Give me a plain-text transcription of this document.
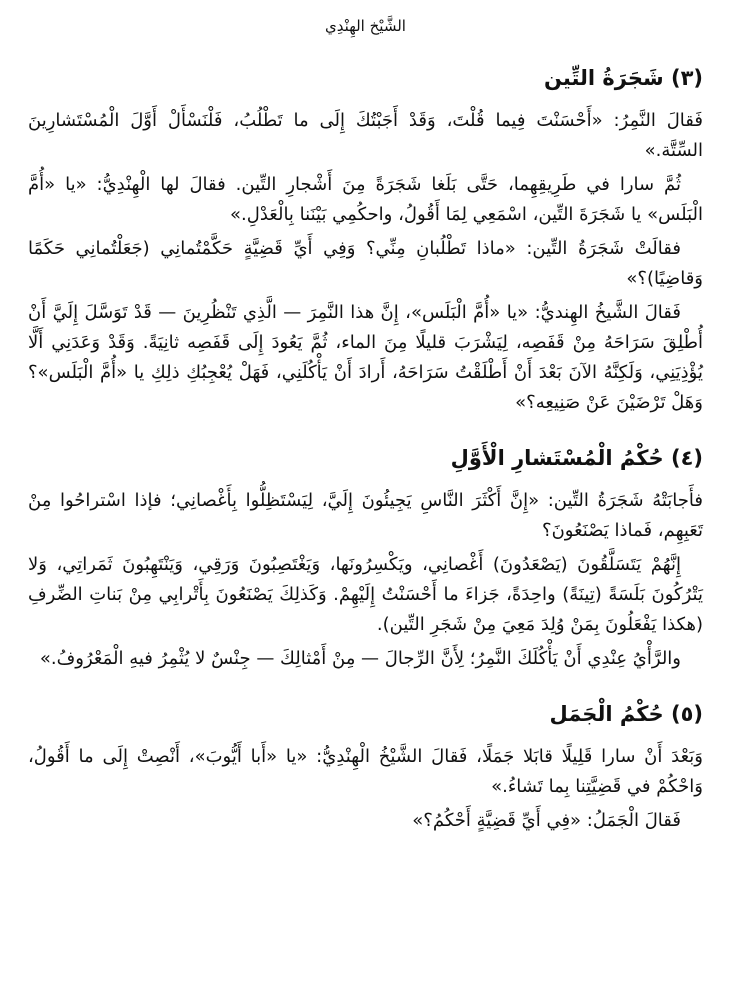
الشَّيْخ الهِنْدِي
(٣) شَجَرَةُ التِّين

فَقالَ النَّمِرُ: «أَحْسَنْتَ فِيما قُلْتَ، وَقَدْ أَجَبْتُكَ إِلَى ما تَطْلُبُ، فَلْنَسْأَلْ أَوَّلَ الْمُسْتَشارِينَ السِّتَّة.»

ثُمَّ سارا في طَرِيقِهِما، حَتَّى بَلَغا شَجَرَةً مِنَ أَشْجارِ التِّين. فقالَ لها الْهِنْدِيُّ: «يا «أُمَّ الْبَلَس» يا شَجَرَةَ التِّين، اسْمَعِي لِمَا أَقُولُ، واحكُمِي بَيْنَنا بِالْعَدْلِ.»

فقالَتْ شَجَرَةُ التِّين: «ماذا تَطْلُبانِ مِنِّي؟ وَفِي أَيِّ قَضِيَّةٍ حَكَّمْتُمانِي (جَعَلْتُمانِي حَكَمًا وَقاضِيًا)؟»

فَقالَ الشَّيخُ الهِنديُّ: «يا «أُمَّ الْبَلَس»، إِنَّ هذا النَّمِرَ — الَّذِي تَنْظُرِينَ — قَدْ تَوَسَّلَ إِلَيَّ أَنْ أُطْلِقَ سَرَاحَهُ مِنْ قَفَصِه، لِيَشْرَبَ قليلًا مِنَ الماء، ثُمَّ يَعُودَ إِلَى قَفَصِه ثانِيَةً. وَقَدْ وَعَدَنِي أَلَّا يُؤْذِيَنِي، وَلَكِنَّهُ الآنَ بَعْدَ أَنْ أَطْلَقْتُ سَرَاحَهُ، أَرادَ أَنْ يَأْكُلَنِي، فَهَلْ يُعْجِبُكِ ذلِكِ يا «أُمَّ الْبَلَس»؟ وَهَلْ تَرْضَيْنَ عَنْ صَنِيعِه؟»

(٤) حُكْمُ الْمُسْتَشارِ الْأَوَّلِ

فأَجابَتْهُ شَجَرَةُ التِّين: «إِنَّ أَكْثَرَ النَّاسِ يَجِيئُونَ إِلَيَّ، لِيَسْتَظِلُّوا بِأَغْصانِي؛ فإذا اسْتراحُوا مِنْ تَعَبِهِم، فَماذا يَصْنَعُونَ؟

إِنَّهُمْ يَتَسَلَّقُونَ (يَصْعَدُونَ) أَغْصانِي، ويَكْسِرُونَها، وَيَغْتَصِبُونَ وَرَقِي، وَيَنْتَهِبُونَ ثَمَراتِي، وَلا يَتْرُكُونَ بَلَسَةً (تِينَةً) واحِدَةً، جَزاءَ ما أَحْسَنْتُ إِلَيْهِمْ. وَكَذلِكَ يَصْنَعُونَ بِأَتْرابِي مِنْ بَناتِ الضِّرفِ (هكذا يَفْعَلُونَ بِمَنْ وُلِدَ مَعِيَ مِنْ شَجَرِ التِّين).

والرَّأْيُ عِنْدِي أَنْ يَأْكُلَكَ النَّمِرُ؛ لِأَنَّ الرِّجالَ — مِنْ أَمْثالِكَ — جِنْسٌ لا يُثْمِرُ فيهِ الْمَعْرُوفُ.»

(٥) حُكْمُ الْجَمَل

وَبَعْدَ أَنْ سارا قَلِيلًا قابَلا جَمَلًا، فَقالَ الشَّيْخُ الْهِنْدِيُّ: «يا «أَبا أَيُّوبَ»، أَنْصِتْ إِلَى ما أَقُولُ، وَاحْكُمْ في قَضِيَّتِنا بِما تَشاءُ.»

فَقالَ الْجَمَلُ: «فِي أَيِّ قَضِيَّةٍ أَحْكُمُ؟»
